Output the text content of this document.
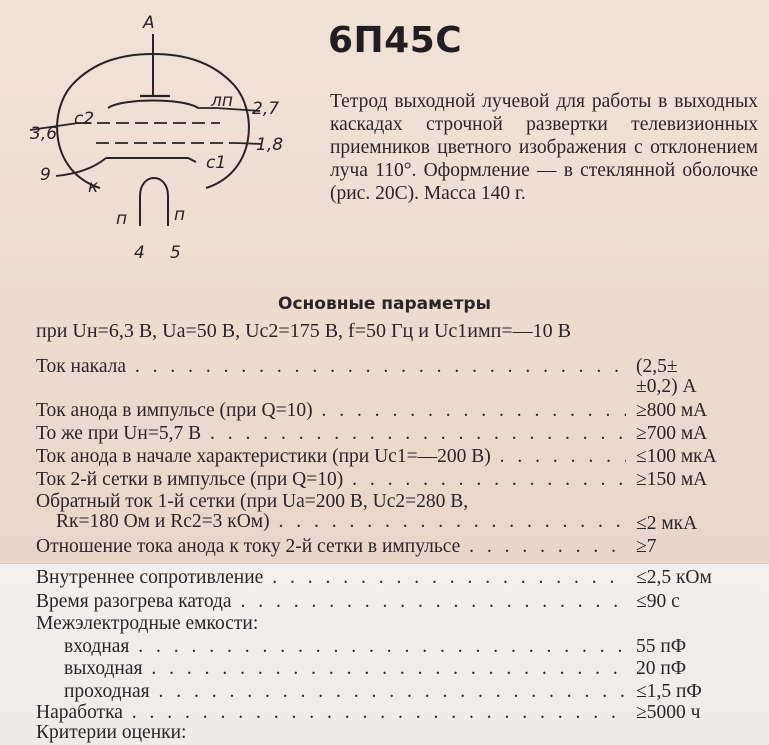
А
лп
с2
с1
к
п	п
2,7
3,6
1,8
9
4 5
6П45С

Тетрод выходной лучевой для работы в выходных каскадах строчной развертки телевизионных приемников цветного изображения с отклонением луча 110°. Оформление — в стеклянной оболочке (рис. 20С). Масса 140 г.

Основные параметры

при Uн=6,3 В, Uа=50 В, Uс2=175 В, f=50 Гц и Uс1имп=—10 В

Ток накала . . .	(2,5±
±0,2) А
Ток анода в импульсе (при Q=10) . . .	≥800 мА
То же при Uн=5,7 В . . .	≥700 мА
Ток анода в начале характеристики (при Uс1=—200 В) . . .	≤100 мкА
Ток 2-й сетки в импульсе (при Q=10) . . .	≥150 мА
Обратный ток 1-й сетки (при Uа=200 В, Uс2=280 В,
Rк=180 Ом и Rс2=3 кОм) . . .	≤2 мкА
Отношение тока анода к току 2-й сетки в импульсе . . .	≥7
Внутреннее сопротивление . . .	≤2,5 кОм
Время разогрева катода . . .	≤90 с
Межэлектродные емкости:
входная . . .	55 пФ
выходная . . .	20 пФ
проходная . . .	≤1,5 пФ
Наработка . . .	≥5000 ч
Критерии оценки:
